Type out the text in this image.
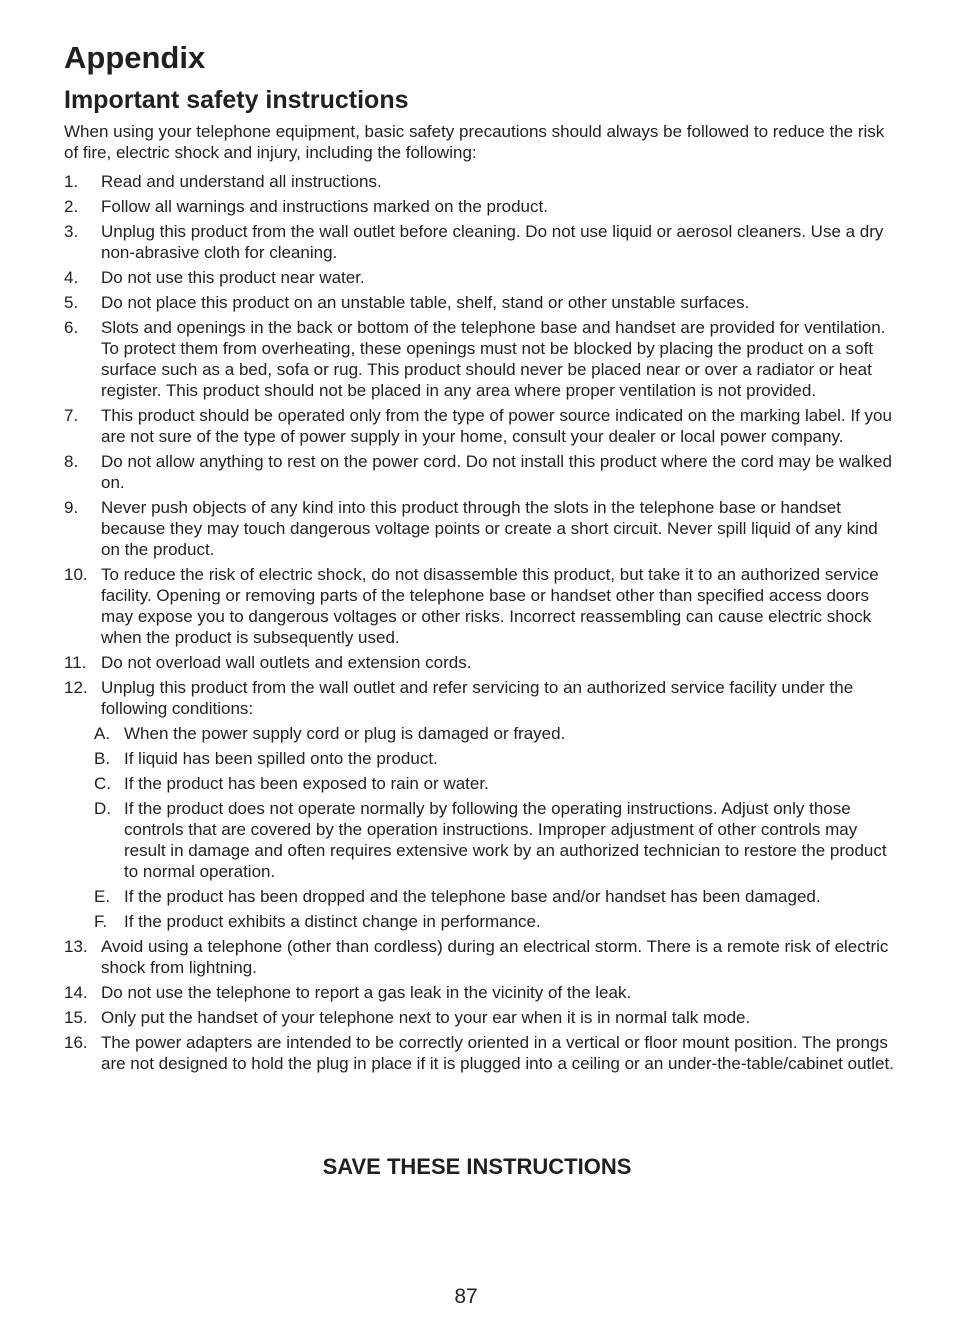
Appendix
Important safety instructions

When using your telephone equipment, basic safety precautions should always be followed to reduce the risk of fire, electric shock and injury, including the following:

1. Read and understand all instructions.
2. Follow all warnings and instructions marked on the product.
3. Unplug this product from the wall outlet before cleaning. Do not use liquid or aerosol cleaners. Use a dry non-abrasive cloth for cleaning.
4. Do not use this product near water.
5. Do not place this product on an unstable table, shelf, stand or other unstable surfaces.
6. Slots and openings in the back or bottom of the telephone base and handset are provided for ventilation. To protect them from overheating, these openings must not be blocked by placing the product on a soft surface such as a bed, sofa or rug. This product should never be placed near or over a radiator or heat register. This product should not be placed in any area where proper ventilation is not provided.
7. This product should be operated only from the type of power source indicated on the marking label. If you are not sure of the type of power supply in your home, consult your dealer or local power company.
8. Do not allow anything to rest on the power cord. Do not install this product where the cord may be walked on.
9. Never push objects of any kind into this product through the slots in the telephone base or handset because they may touch dangerous voltage points or create a short circuit. Never spill liquid of any kind on the product.
10. To reduce the risk of electric shock, do not disassemble this product, but take it to an authorized service facility. Opening or removing parts of the telephone base or handset other than specified access doors may expose you to dangerous voltages or other risks. Incorrect reassembling can cause electric shock when the product is subsequently used.
11. Do not overload wall outlets and extension cords.
12. Unplug this product from the wall outlet and refer servicing to an authorized service facility under the following conditions:
A. When the power supply cord or plug is damaged or frayed.
B. If liquid has been spilled onto the product.
C. If the product has been exposed to rain or water.
D. If the product does not operate normally by following the operating instructions. Adjust only those controls that are covered by the operation instructions. Improper adjustment of other controls may result in damage and often requires extensive work by an authorized technician to restore the product to normal operation.
E. If the product has been dropped and the telephone base and/or handset has been damaged.
F. If the product exhibits a distinct change in performance.
13. Avoid using a telephone (other than cordless) during an electrical storm. There is a remote risk of electric shock from lightning.
14. Do not use the telephone to report a gas leak in the vicinity of the leak.
15. Only put the handset of your telephone next to your ear when it is in normal talk mode.
16. The power adapters are intended to be correctly oriented in a vertical or floor mount position. The prongs are not designed to hold the plug in place if it is plugged into a ceiling or an under-the-table/cabinet outlet.
SAVE THESE INSTRUCTIONS
87
